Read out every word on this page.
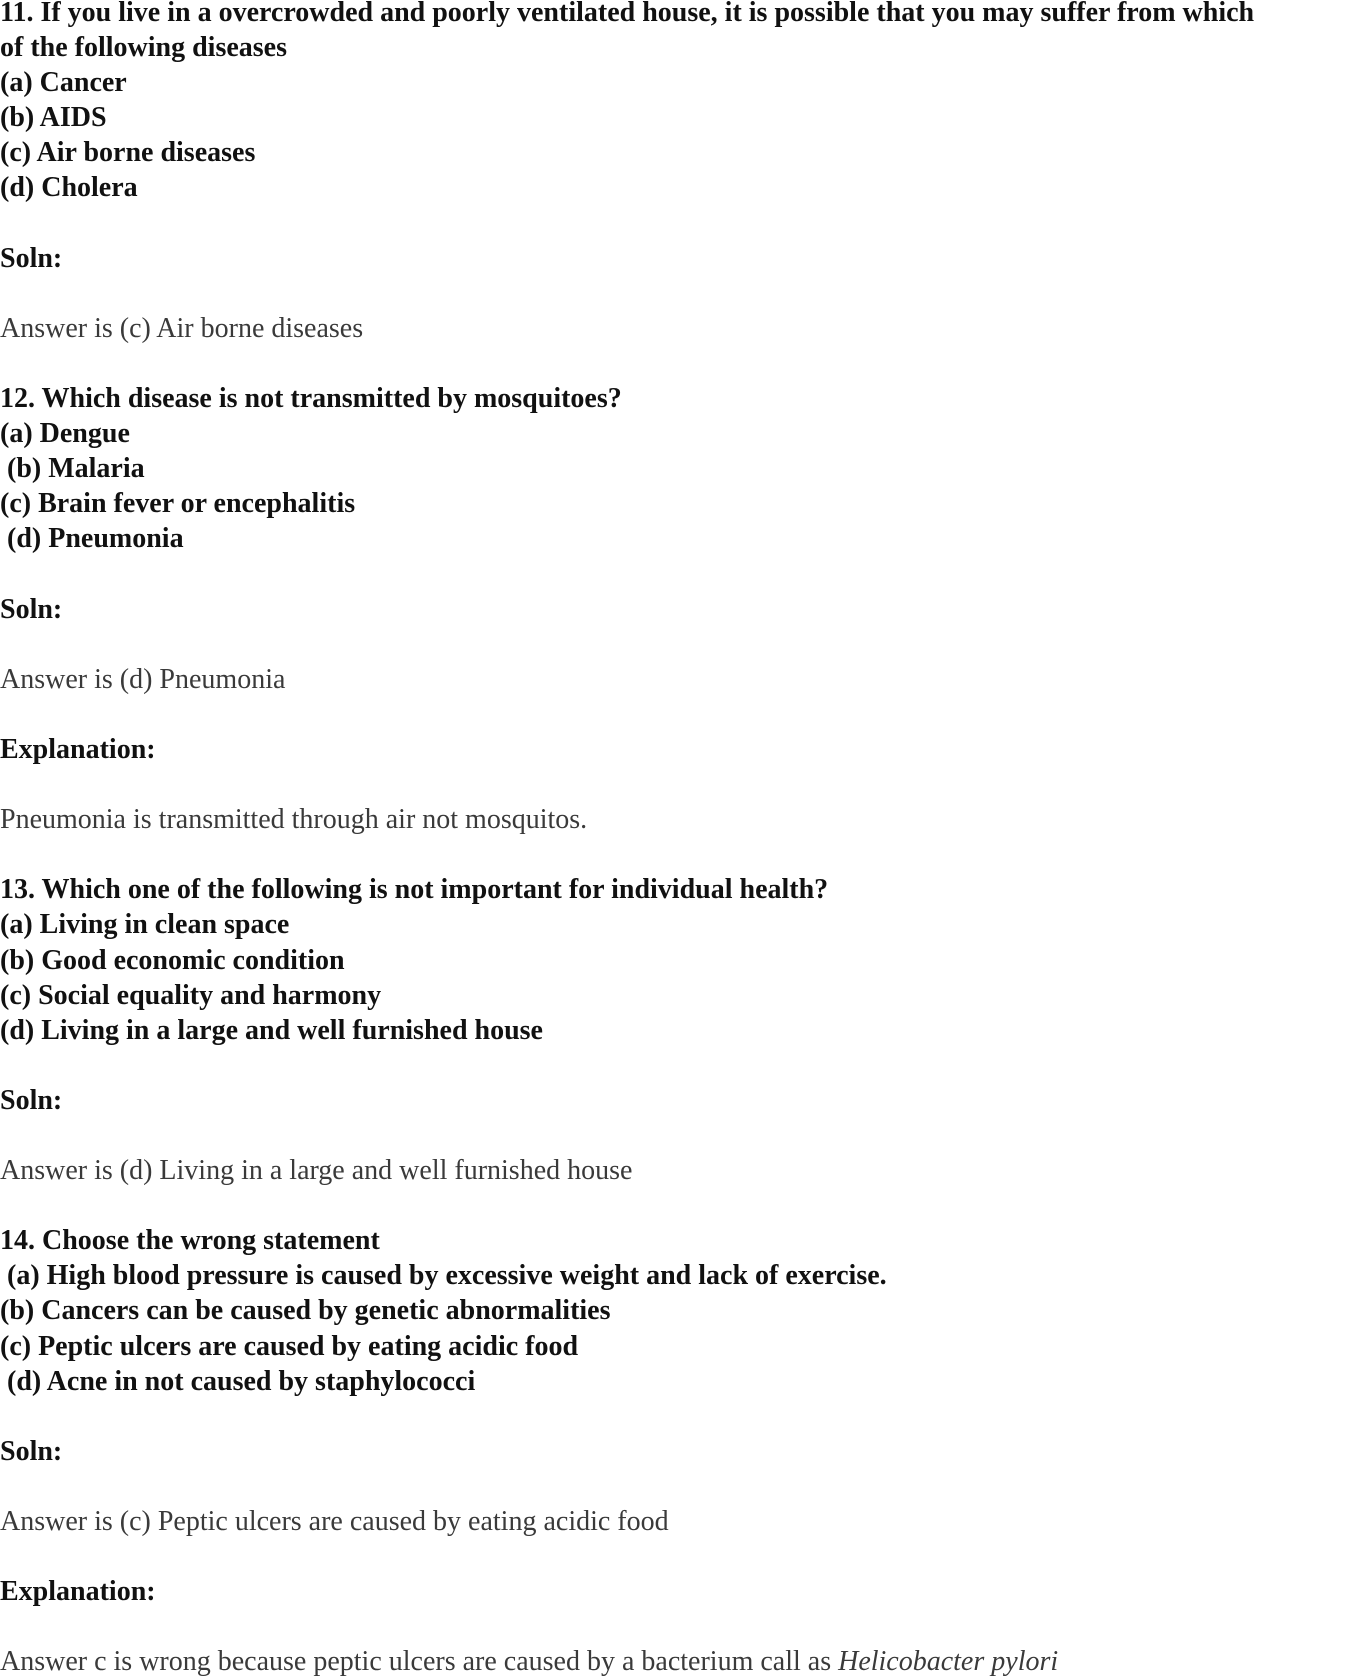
11. If you live in a overcrowded and poorly ventilated house, it is possible that you may suffer from which
of the following diseases
(a) Cancer
(b) AIDS
(c) Air borne diseases
(d) Cholera
Soln:
Answer is (c) Air borne diseases
12. Which disease is not transmitted by mosquitoes?
(a) Dengue
(b) Malaria
(c) Brain fever or encephalitis
(d) Pneumonia
Soln:
Answer is (d) Pneumonia
Explanation:
Pneumonia is transmitted through air not mosquitos.
13. Which one of the following is not important for individual health?
(a) Living in clean space
(b) Good economic condition
(c) Social equality and harmony
(d) Living in a large and well furnished house
Soln:
Answer is (d) Living in a large and well furnished house
14. Choose the wrong statement
(a) High blood pressure is caused by excessive weight and lack of exercise.
(b) Cancers can be caused by genetic abnormalities
(c) Peptic ulcers are caused by eating acidic food
(d) Acne in not caused by staphylococci
Soln:
Answer is (c) Peptic ulcers are caused by eating acidic food
Explanation:
Answer c is wrong because peptic ulcers are caused by a bacterium call as Helicobacter pylori
